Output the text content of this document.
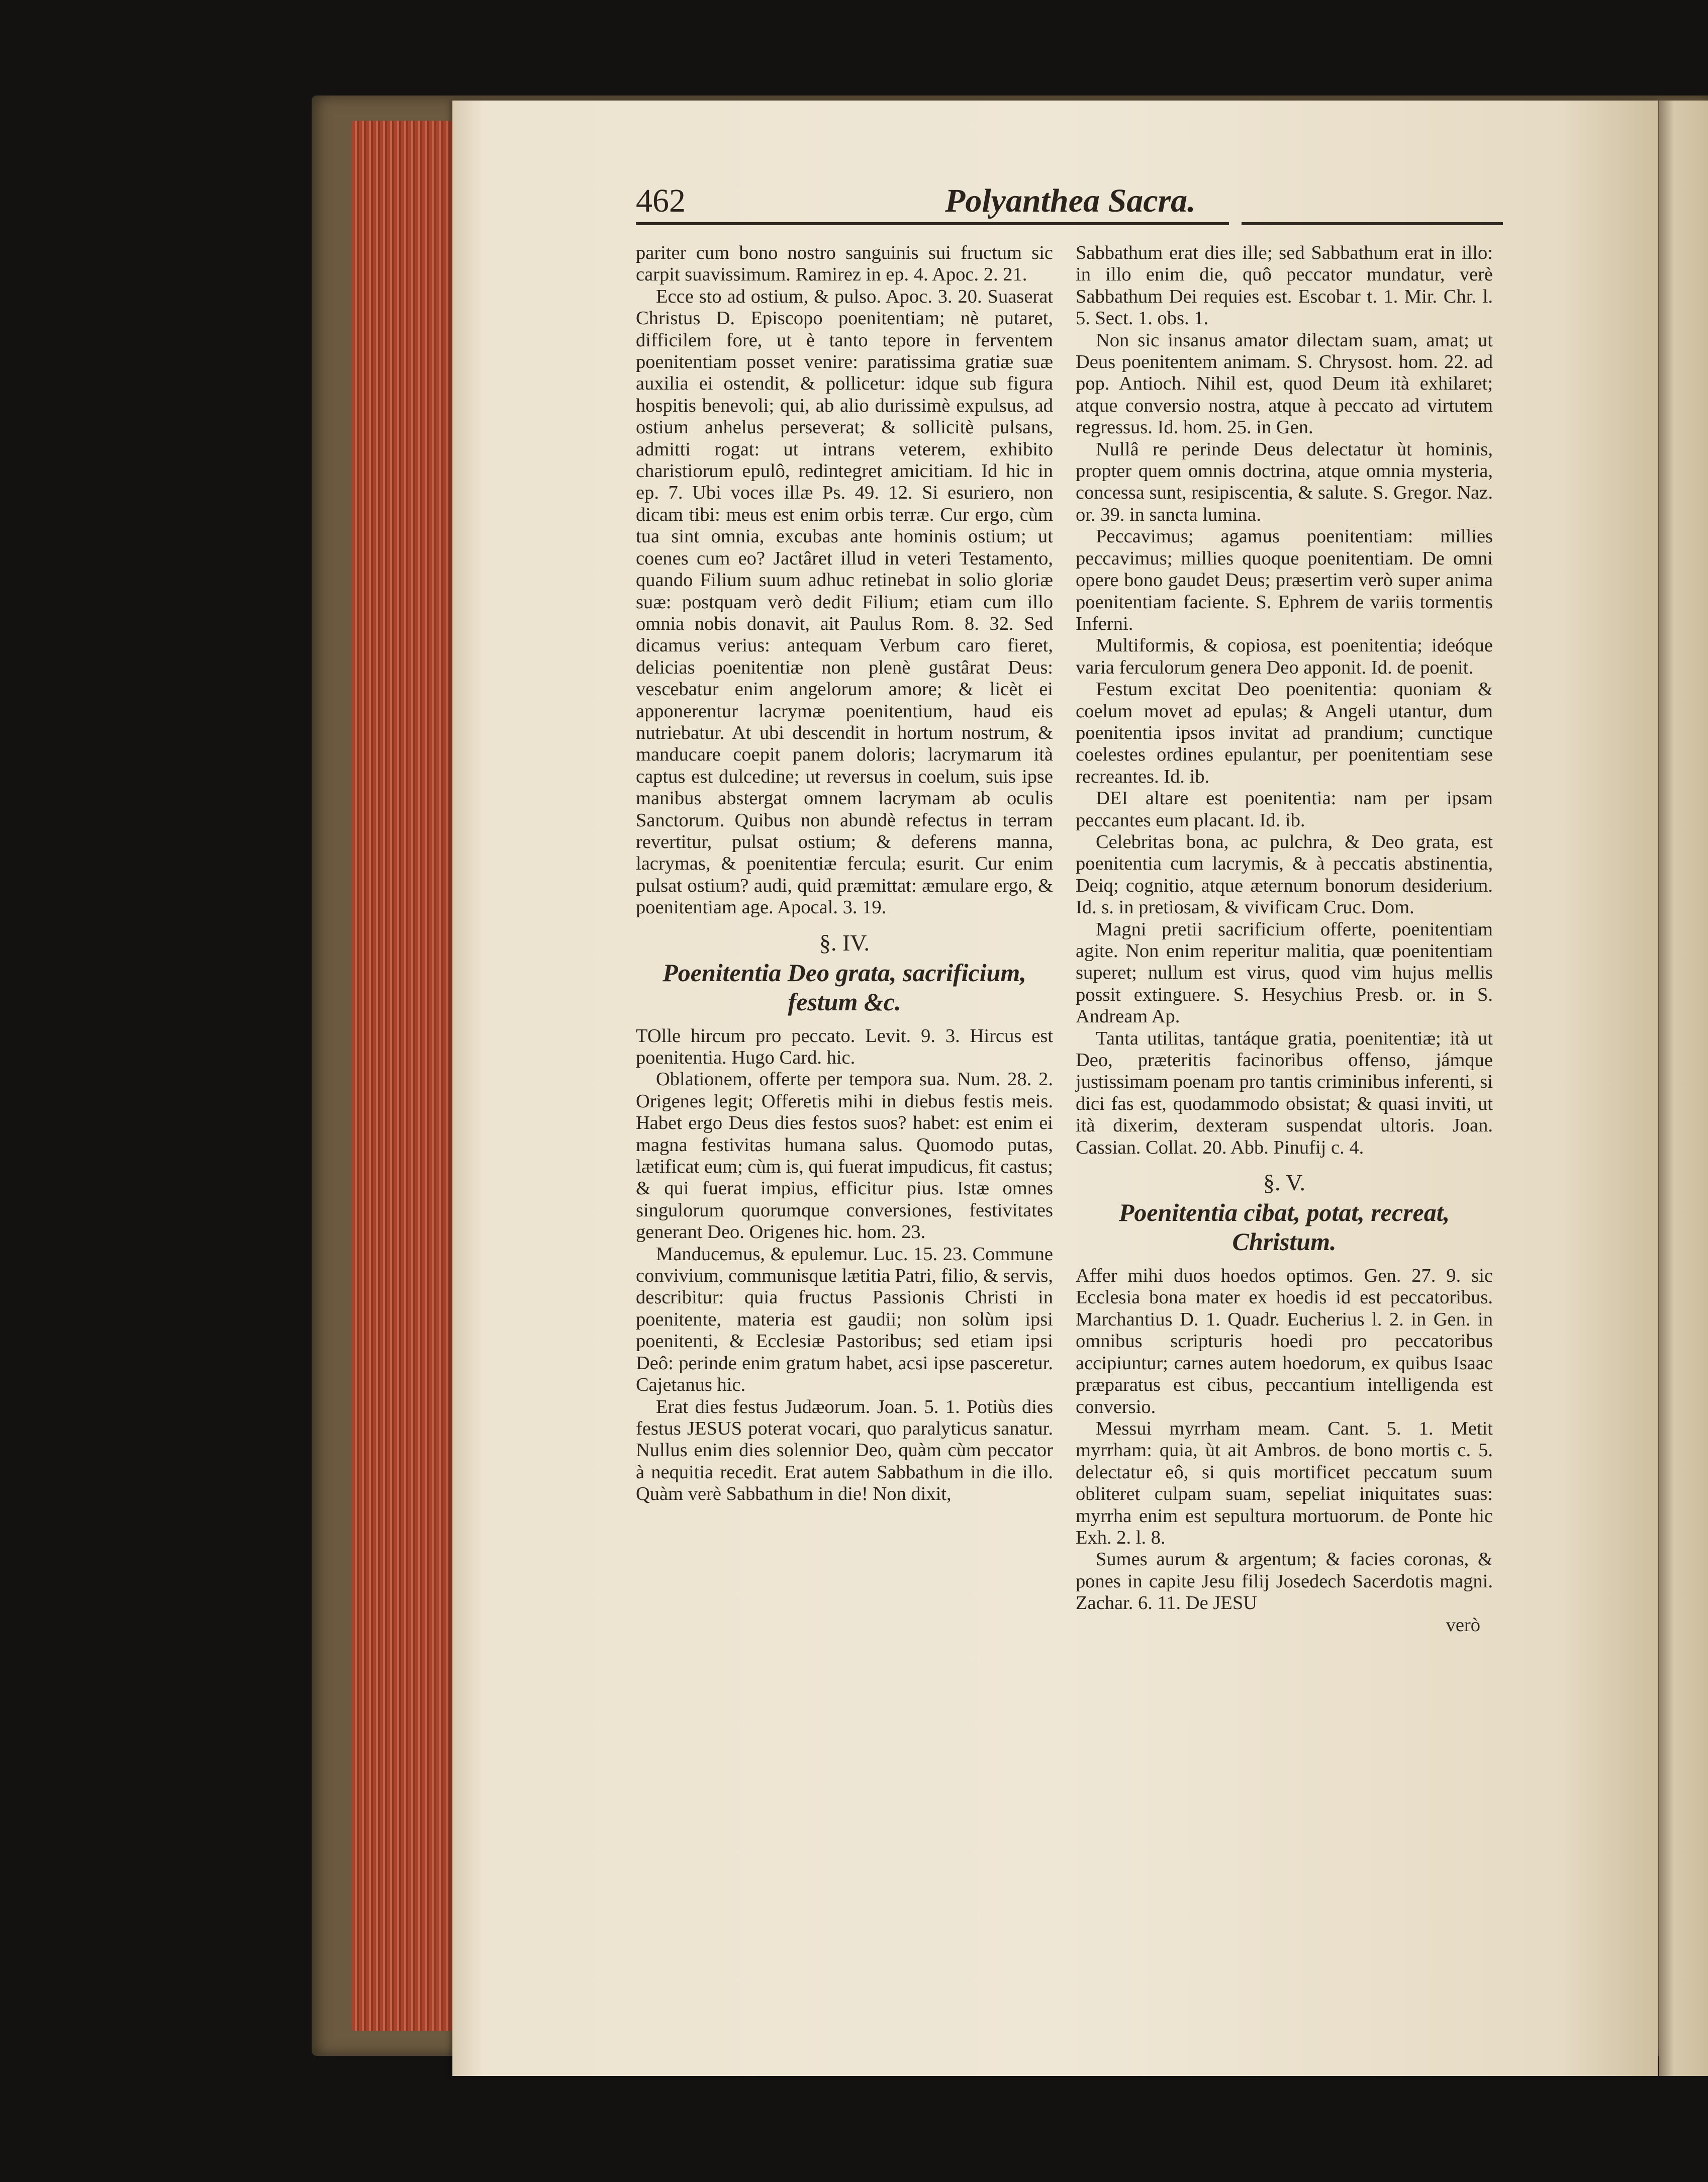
462	Polyanthea Sacra.

pariter cum bono nostro sanguinis sui fructum sic carpit suavissimum. Ramirez in ep. 4. Apoc. 2. 21.

Ecce sto ad ostium, & pulso. Apoc. 3. 20. Suaserat Christus D. Episcopo poenitentiam; nè putaret, difficilem fore, ut è tanto tepore in ferventem poenitentiam posset venire: paratissima gratiæ suæ auxilia ei ostendit, & pollicetur: idque sub figura hospitis benevoli; qui, ab alio durissimè expulsus, ad ostium anhelus perseverat; & sollicitè pulsans, admitti rogat: ut intrans veterem, exhibito charistiorum epulô, redintegret amicitiam. Id hic in ep. 7. Ubi voces illæ Ps. 49. 12. Si esuriero, non dicam tibi: meus est enim orbis terræ. Cur ergo, cùm tua sint omnia, excubas ante hominis ostium; ut coenes cum eo? Jactâret illud in veteri Testamento, quando Filium suum adhuc retinebat in solio gloriæ suæ: postquam verò dedit Filium; etiam cum illo omnia nobis donavit, ait Paulus Rom. 8. 32. Sed dicamus verius: antequam Verbum caro fieret, delicias poenitentiæ non plenè gustârat Deus: vescebatur enim angelorum amore; & licèt ei apponerentur lacrymæ poenitentium, haud eis nutriebatur. At ubi descendit in hortum nostrum, & manducare coepit panem doloris; lacrymarum ità captus est dulcedine; ut reversus in coelum, suis ipse manibus abstergat omnem lacrymam ab oculis Sanctorum. Quibus non abundè refectus in terram revertitur, pulsat ostium; & deferens manna, lacrymas, & poenitentiæ fercula; esurit. Cur enim pulsat ostium? audi, quid præmittat: æmulare ergo, & poenitentiam age. Apocal. 3. 19.

§. IV.
Poenitentia Deo grata, sacrificium, festum &c.

TOlle hircum pro peccato. Levit. 9. 3. Hircus est poenitentia. Hugo Card. hic.

Oblationem, offerte per tempora sua. Num. 28. 2. Origenes legit; Offeretis mihi in diebus festis meis. Habet ergo Deus dies festos suos? habet: est enim ei magna festivitas humana salus. Quomodo putas, lætificat eum; cùm is, qui fuerat impudicus, fit castus; & qui fuerat impius, efficitur pius. Istæ omnes singulorum quorumque conversiones, festivitates generant Deo. Origenes hic. hom. 23.

Manducemus, & epulemur. Luc. 15. 23. Commune convivium, communisque lætitia Patri, filio, & servis, describitur: quia fructus Passionis Christi in poenitente, materia est gaudii; non solùm ipsi poenitenti, & Ecclesiæ Pastoribus; sed etiam ipsi Deô: perinde enim gratum habet, acsi ipse pasceretur. Cajetanus hic.

Erat dies festus Judæorum. Joan. 5. 1. Potiùs dies festus JESUS poterat vocari, quo paralyticus sanatur. Nullus enim dies solennior Deo, quàm cùm peccator à nequitia recedit. Erat autem Sabbathum in die illo. Quàm verè Sabbathum in die! Non dixit,

Sabbathum erat dies ille; sed Sabbathum erat in illo: in illo enim die, quô peccator mundatur, verè Sabbathum Dei requies est. Escobar t. 1. Mir. Chr. l. 5. Sect. 1. obs. 1.

Non sic insanus amator dilectam suam, amat; ut Deus poenitentem animam. S. Chrysost. hom. 22. ad pop. Antioch. Nihil est, quod Deum ità exhilaret; atque conversio nostra, atque à peccato ad virtutem regressus. Id. hom. 25. in Gen.

Nullâ re perinde Deus delectatur ùt hominis, propter quem omnis doctrina, atque omnia mysteria, concessa sunt, resipiscentia, & salute. S. Gregor. Naz. or. 39. in sancta lumina.

Peccavimus; agamus poenitentiam: millies peccavimus; millies quoque poenitentiam. De omni opere bono gaudet Deus; præsertim verò super anima poenitentiam faciente. S. Ephrem de variis tormentis Inferni.

Multiformis, & copiosa, est poenitentia; ideóque varia ferculorum genera Deo apponit. Id. de poenit.

Festum excitat Deo poenitentia: quoniam & coelum movet ad epulas; & Angeli utantur, dum poenitentia ipsos invitat ad prandium; cunctique coelestes ordines epulantur, per poenitentiam sese recreantes. Id. ib.

DEI altare est poenitentia: nam per ipsam peccantes eum placant. Id. ib.

Celebritas bona, ac pulchra, & Deo grata, est poenitentia cum lacrymis, & à peccatis abstinentia, Deiq; cognitio, atque æternum bonorum desiderium. Id. s. in pretiosam, & vivificam Cruc. Dom.

Magni pretii sacrificium offerte, poenitentiam agite. Non enim reperitur malitia, quæ poenitentiam superet; nullum est virus, quod vim hujus mellis possit extinguere. S. Hesychius Presb. or. in S. Andream Ap.

Tanta utilitas, tantáque gratia, poenitentiæ; ità ut Deo, præteritis facinoribus offenso, jámque justissimam poenam pro tantis criminibus inferenti, si dici fas est, quodammodo obsistat; & quasi inviti, ut ità dixerim, dexteram suspendat ultoris. Joan. Cassian. Collat. 20. Abb. Pinufij c. 4.

§. V.
Poenitentia cibat, potat, recreat, Christum.

Affer mihi duos hoedos optimos. Gen. 27. 9. sic Ecclesia bona mater ex hoedis id est peccatoribus. Marchantius D. 1. Quadr. Eucherius l. 2. in Gen. in omnibus scripturis hoedi pro peccatoribus accipiuntur; carnes autem hoedorum, ex quibus Isaac præparatus est cibus, peccantium intelligenda est conversio.

Messui myrrham meam. Cant. 5. 1. Metit myrrham: quia, ùt ait Ambros. de bono mortis c. 5. delectatur eô, si quis mortificet peccatum suum obliteret culpam suam, sepeliat iniquitates suas: myrrha enim est sepultura mortuorum. de Ponte hic Exh. 2. l. 8.

Sumes aurum & argentum; & facies coronas, & pones in capite Jesu filij Josedech Sacerdotis magni. Zachar. 6. 11. De JESU

verò
